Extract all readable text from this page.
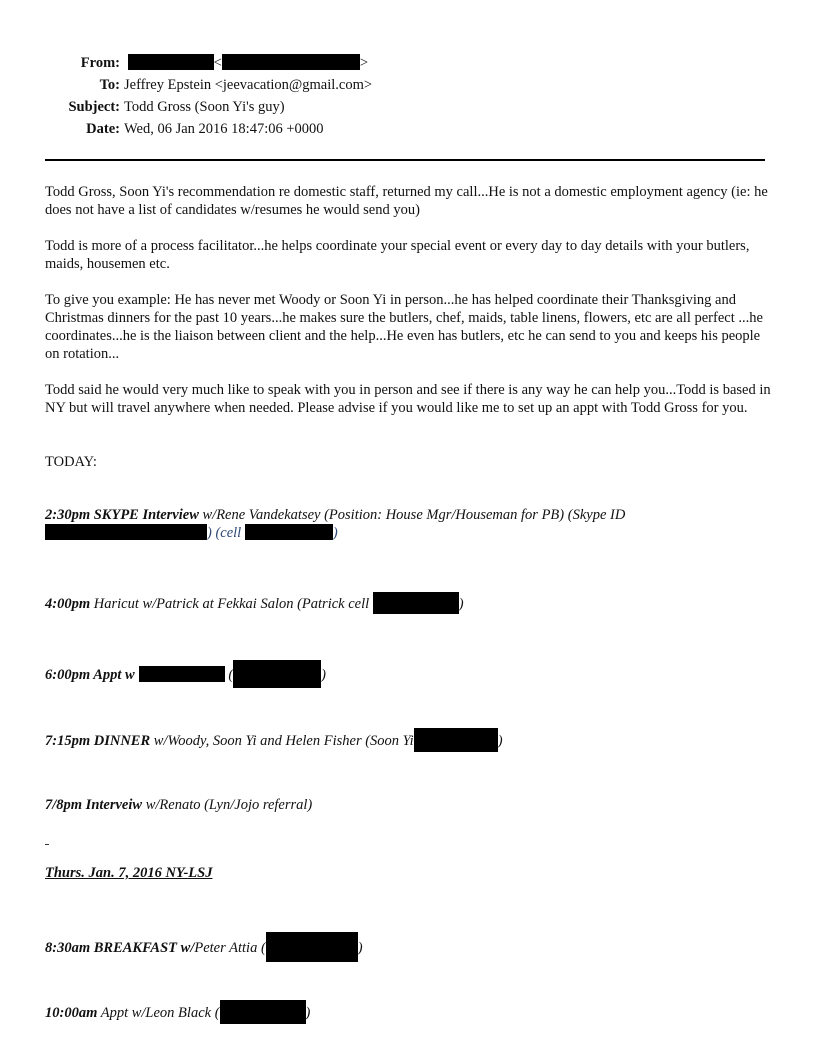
From:	<	>
To: Jeffrey Epstein <jeevacation@gmail.com>
Subject: Todd Gross (Soon Yi's guy)
Date: Wed, 06 Jan 2016 18:47:06 +0000

Todd Gross, Soon Yi's recommendation re domestic staff, returned my call...He is not a domestic employment agency (ie: he does not have a list of candidates w/resumes he would send you)

Todd is more of a process facilitator...he helps coordinate your special event or every day to day details with your butlers, maids, housemen etc.

To give you example: He has never met Woody or Soon Yi in person...he has helped coordinate their Thanksgiving and Christmas dinners for the past 10 years...he makes sure the butlers, chef, maids, table linens, flowers, etc are all perfect ...he coordinates...he is the liaison between client and the help...He even has butlers, etc he can send to you and keeps his people on rotation...

Todd said he would very much like to speak with you in person and see if there is any way he can help you...Todd is based in NY but will travel anywhere when needed. Please advise if you would like me to set up an appt with Todd Gross for you.

TODAY:

2:30pm SKYPE Interview w/Rene Vandekatsey (Position: House Mgr/Houseman for PB) (Skype ID
) (cell	)

4:00pm Haricut w/Patrick at Fekkai Salon (Patrick cell	)

6:00pm Appt w	(	)

7:15pm DINNER w/Woody, Soon Yi and Helen Fisher (Soon Yi	)

7/8pm Interveiw w/Renato (Lyn/Jojo referral)

Thurs. Jan. 7, 2016 NY-LSJ

8:30am BREAKFAST w/Peter Attia (	)

10:00am Appt w/Leon Black (	)
